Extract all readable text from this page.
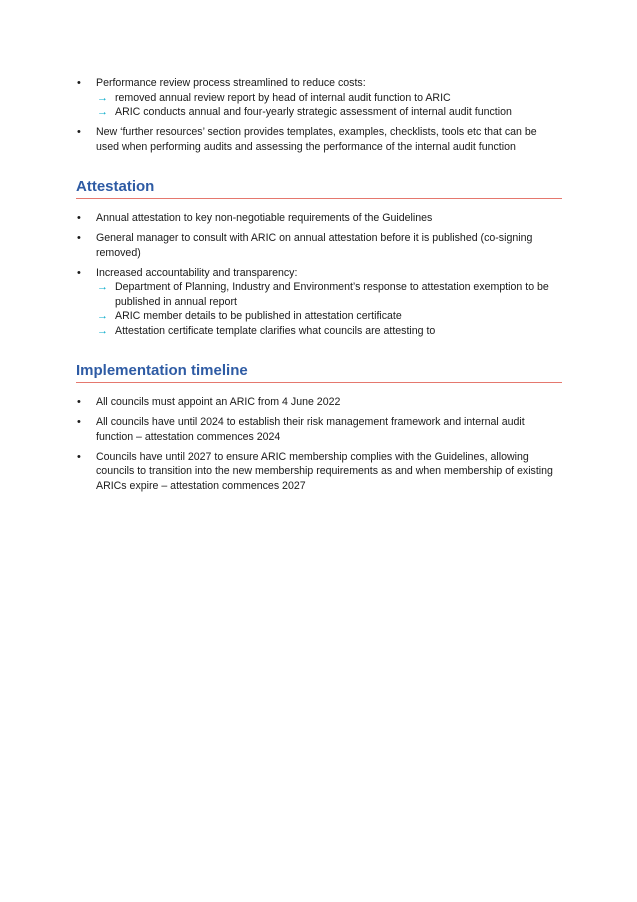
• Performance review process streamlined to reduce costs:
→ removed annual review report by head of internal audit function to ARIC
→ ARIC conducts annual and four-yearly strategic assessment of internal audit function
• New ‘further resources’ section provides templates, examples, checklists, tools etc that can be used when performing audits and assessing the performance of the internal audit function
Attestation
• Annual attestation to key non-negotiable requirements of the Guidelines
• General manager to consult with ARIC on annual attestation before it is published (co-signing removed)
• Increased accountability and transparency:
→ Department of Planning, Industry and Environment’s response to attestation exemption to be published in annual report
→ ARIC member details to be published in attestation certificate
→ Attestation certificate template clarifies what councils are attesting to
Implementation timeline
• All councils must appoint an ARIC from 4 June 2022
• All councils have until 2024 to establish their risk management framework and internal audit function – attestation commences 2024
• Councils have until 2027 to ensure ARIC membership complies with the Guidelines, allowing councils to transition into the new membership requirements as and when membership of existing ARICs expire – attestation commences 2027
